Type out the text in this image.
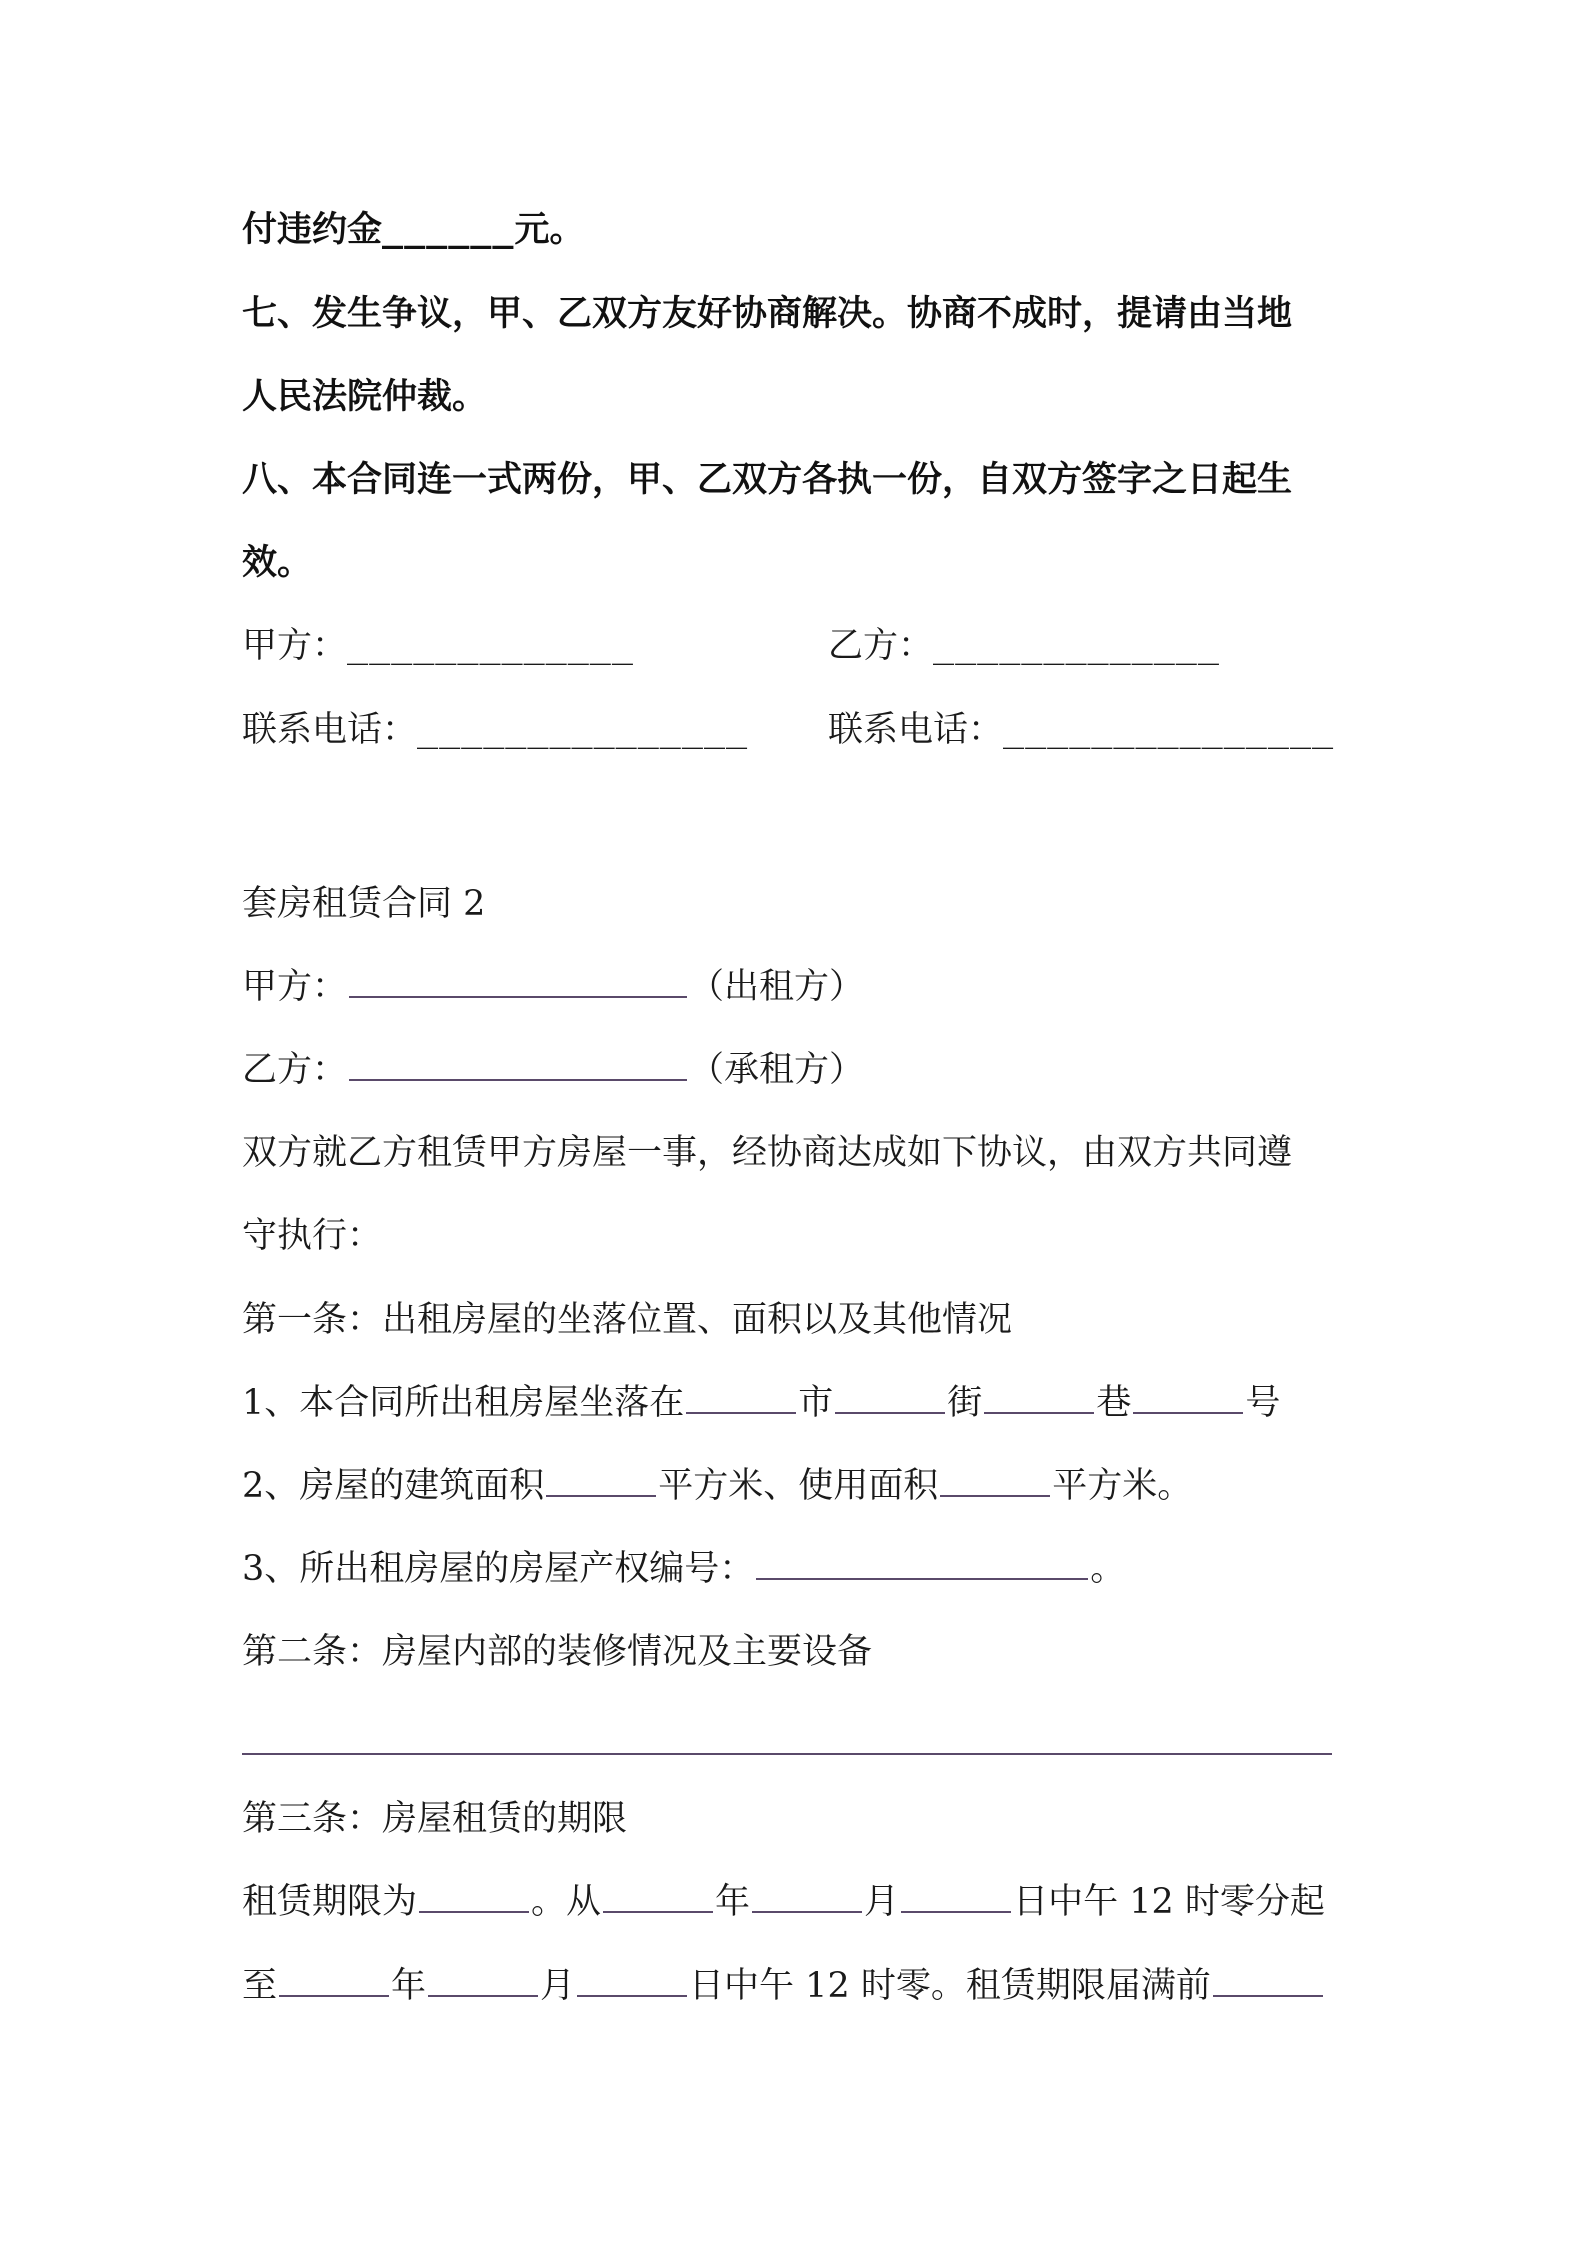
付违约金______元。
七、发生争议，甲、乙双方友好协商解决。协商不成时，提请由当地
人民法院仲裁。
八、本合同连一式两份，甲、乙双方各执一份，自双方签字之日起生
效。
甲方：_____________	乙方：_____________
联系电话：_______________ 联系电话：_______________
套房租赁合同 2
甲方：	（出租方）
乙方：	（承租方）
双方就乙方租赁甲方房屋一事，经协商达成如下协议，由双方共同遵
守执行：
第一条：出租房屋的坐落位置、面积以及其他情况
1、本合同所出租房屋坐落在	市	街	巷	号
2、房屋的建筑面积	平方米、使用面积	平方米。
3、所出租房屋的房屋产权编号：	。
第二条：房屋内部的装修情况及主要设备
第三条：房屋租赁的期限
租赁期限为	。从	年	月	日中午 12 时零分起
至	年	月	日中午 12 时零。租赁期限届满前
